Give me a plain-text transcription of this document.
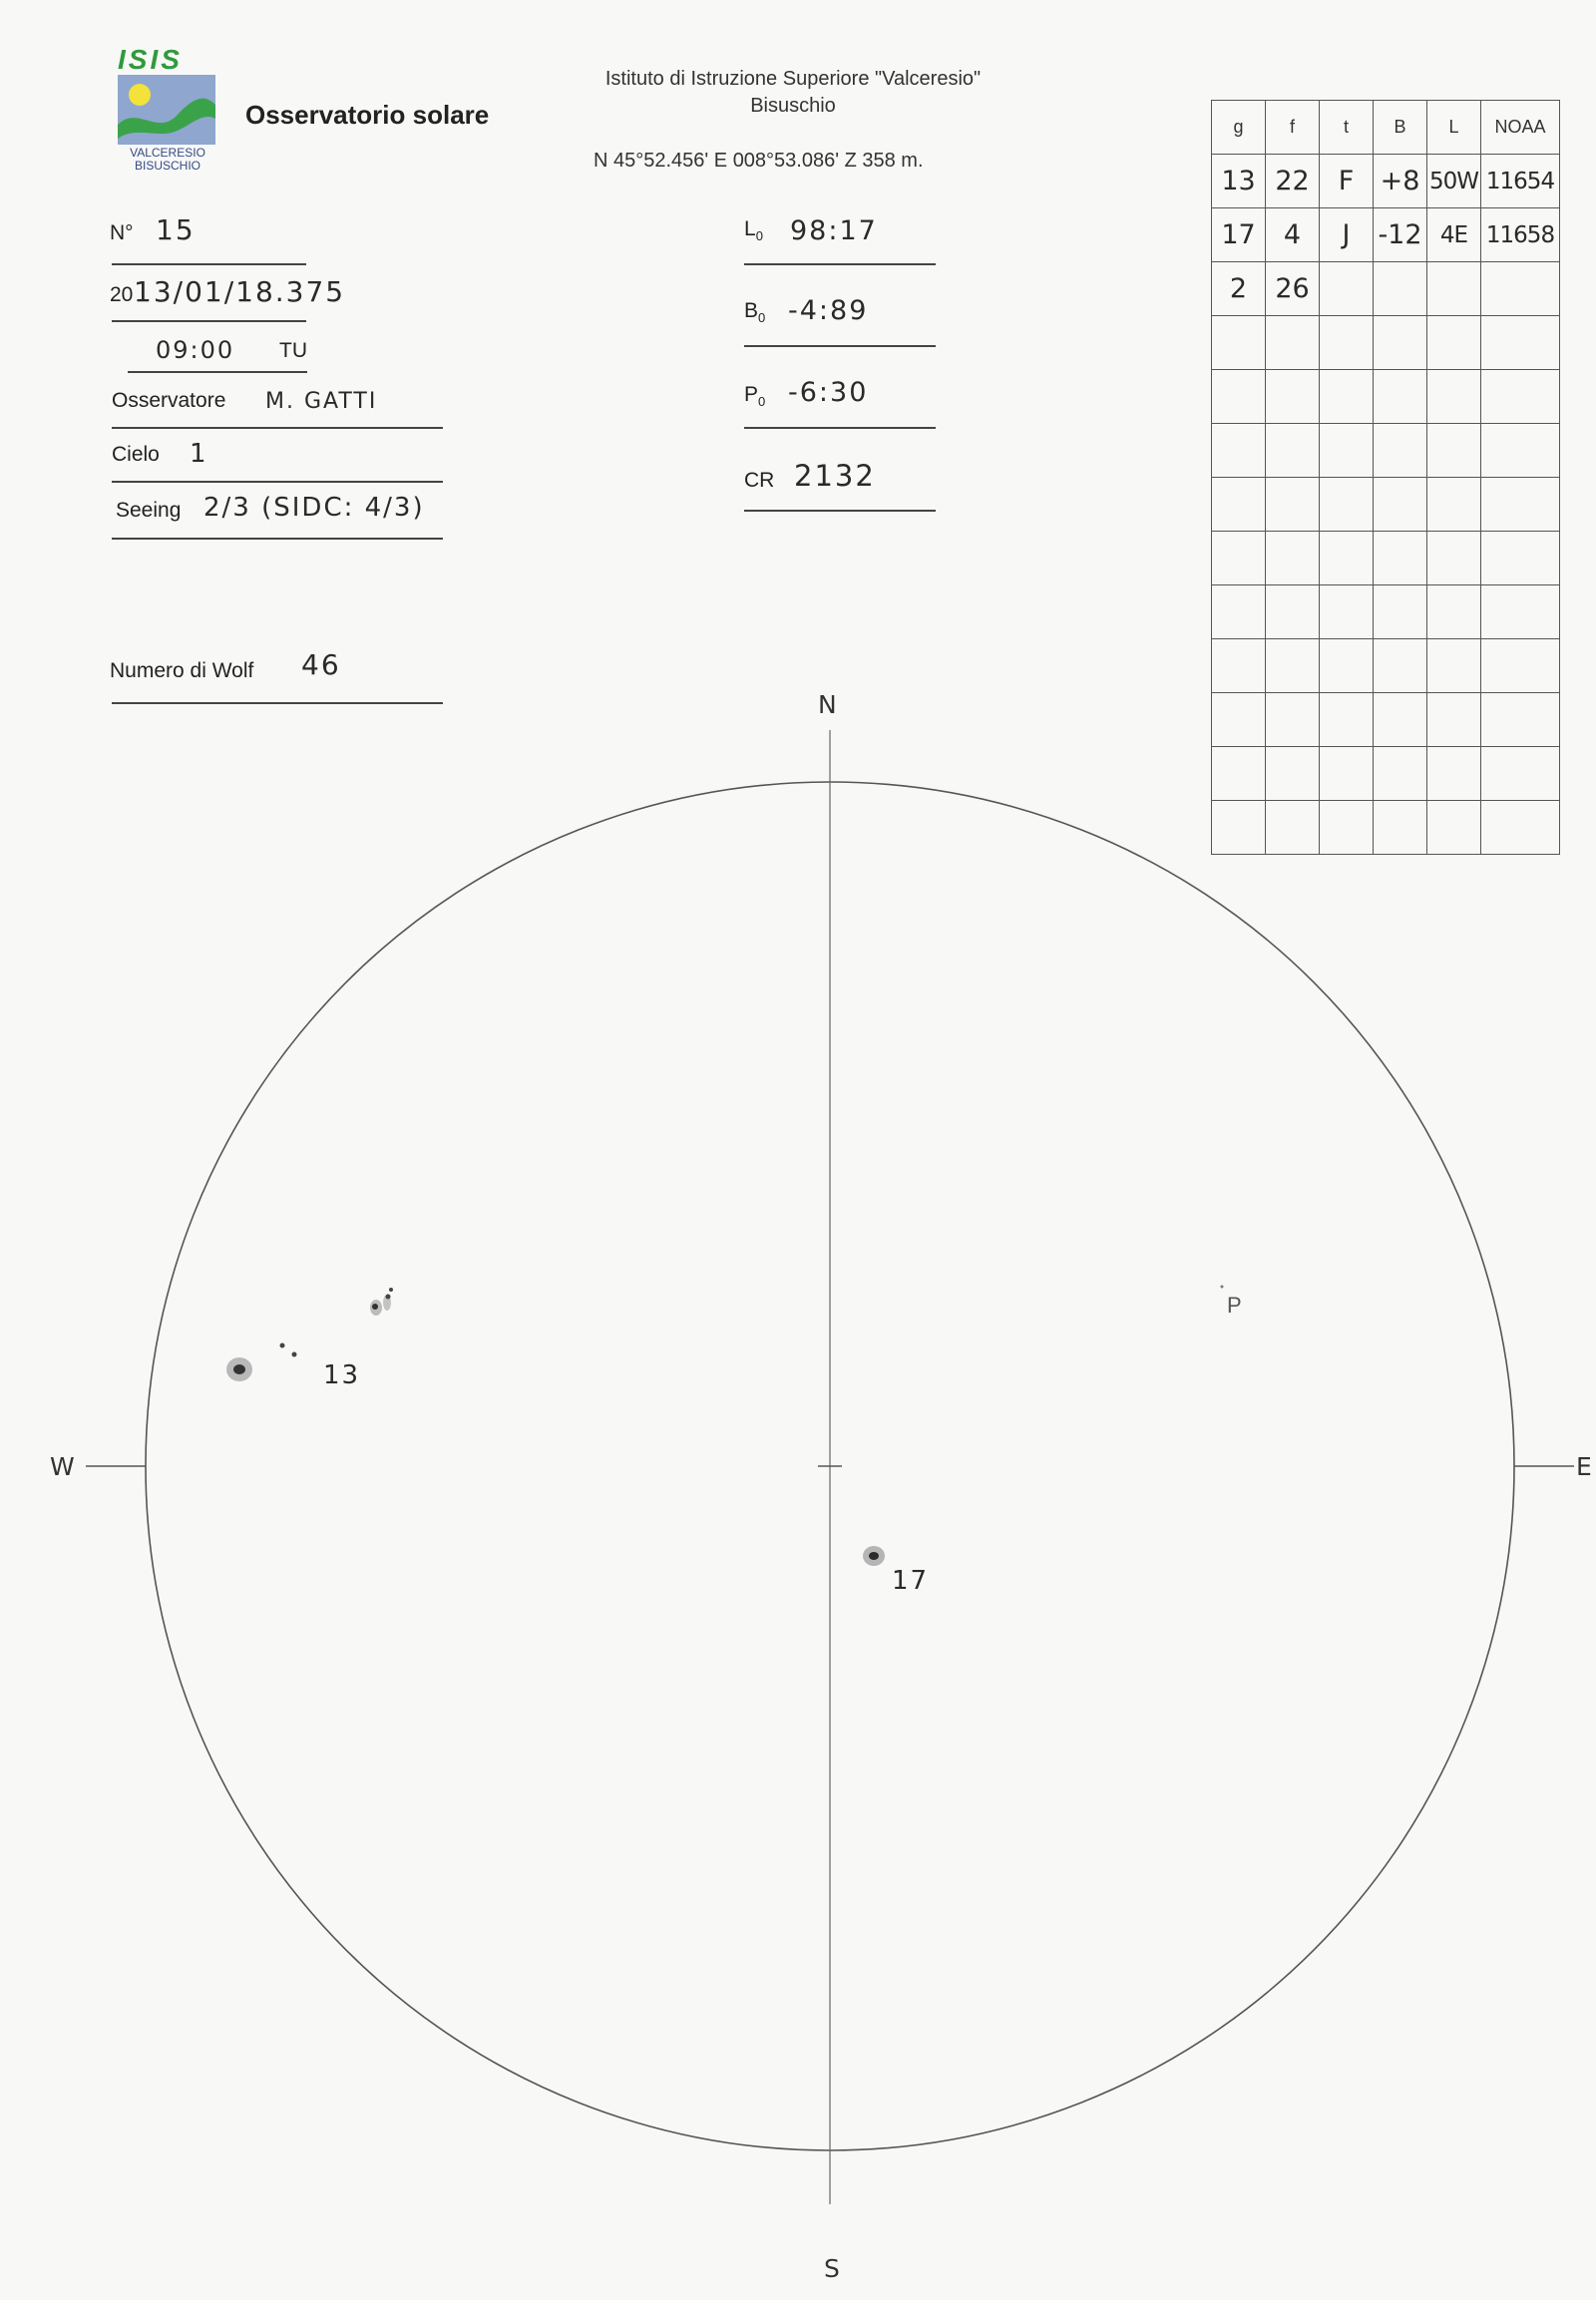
ISIS
VALCERESIO
BISUSCHIO
Osservatorio solare
Istituto di Istruzione Superiore "Valceresio"
Bisuschio
N 45°52.456' E 008°53.086' Z 358 m.
N° 15
20 13/01/18.375
09:00 TU
Osservatore M. GATTI
Cielo 1
Seeing 2/3 (SIDC: 4/3)
Numero di Wolf 46
$L_0$ 98:17
$B_0$ -4:89
$P_0$ -6:30
CR 2132
g	f	t	B	L	NOAA
13	22	F	+8	50W	11654
17	4	J	-12	4E	11658
2	26				

N
S
E
W
13
17
P
